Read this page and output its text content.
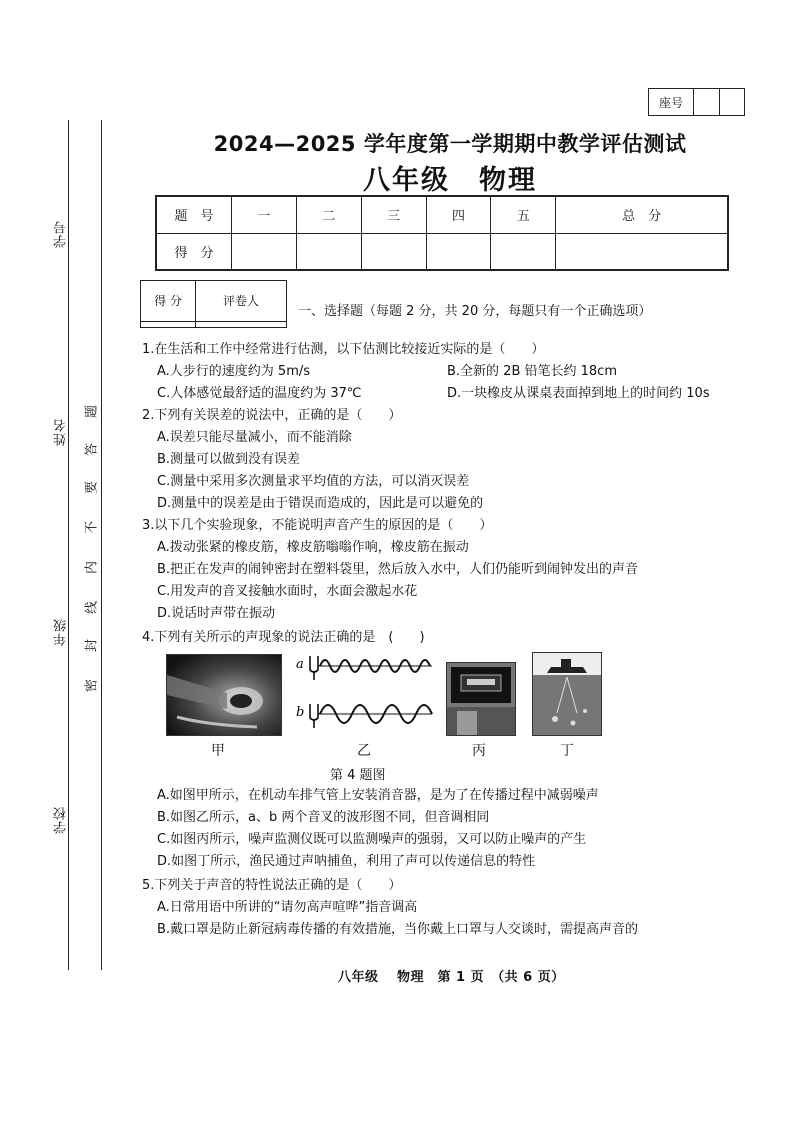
学号
姓名
年级
学校
题
答
要
不
内
线
封
密
座号
2024—2025 学年度第一学期期中教学评估测试
八年级　物理
题　号	一	二	三	四	五	总　分
得　分						
得 分	评卷人

一、选择题（每题 2 分，共 20 分，每题只有一个正确选项）
1.在生活和工作中经常进行估测，以下估测比较接近实际的是（　　）
A.人步行的速度约为 5m/s	B.全新的 2B 铅笔长约 18cm
C.人体感觉最舒适的温度约为 37℃	D.一块橡皮从课桌表面掉到地上的时间约 10s
2.下列有关误差的说法中，正确的是（　　）
A.误差只能尽量减小，而不能消除
B.测量可以做到没有误差
C.测量中采用多次测量求平均值的方法，可以消灭误差
D.测量中的误差是由于错误而造成的，因此是可以避免的
3.以下几个实验现象，不能说明声音产生的原因的是（　　）
A.拨动张紧的橡皮筋，橡皮筋嗡嗡作响，橡皮筋在振动
B.把正在发声的闹钟密封在塑料袋里，然后放入水中，人们仍能听到闹钟发出的声音
C.用发声的音叉接触水面时，水面会激起水花
D.说话时声带在振动
4.下列有关所示的声现象的说法正确的是　(　　)
a
b
甲	乙	丙	丁
第 4 题图
A.如图甲所示，在机动车排气管上安装消音器，是为了在传播过程中减弱噪声
B.如图乙所示，a、b 两个音叉的波形图不同，但音调相同
C.如图丙所示，噪声监测仪既可以监测噪声的强弱，又可以防止噪声的产生
D.如图丁所示，渔民通过声呐捕鱼，利用了声可以传递信息的特性
5.下列关于声音的特性说法正确的是（　　）
A.日常用语中所讲的“请勿高声喧哗”指音调高
B.戴口罩是防止新冠病毒传播的有效措施，当你戴上口罩与人交谈时，需提高声音的
八年级　 物理　第 1 页　（共 6 页）
